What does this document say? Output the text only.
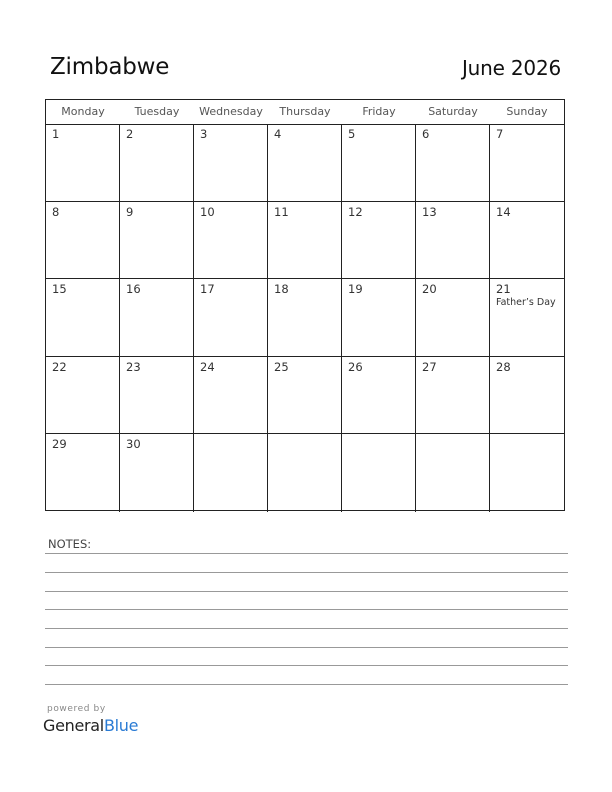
Zimbabwe	June 2026
Monday	Tuesday	Wednesday	Thursday	Friday	Saturday	Sunday
1	2	3	4	5	6	7
8	9	10	11	12	13	14
15	16	17	18	19	20	21
Father’s Day
22	23	24	25	26	27	28
29	30
NOTES:
powered by
GeneralBlue
